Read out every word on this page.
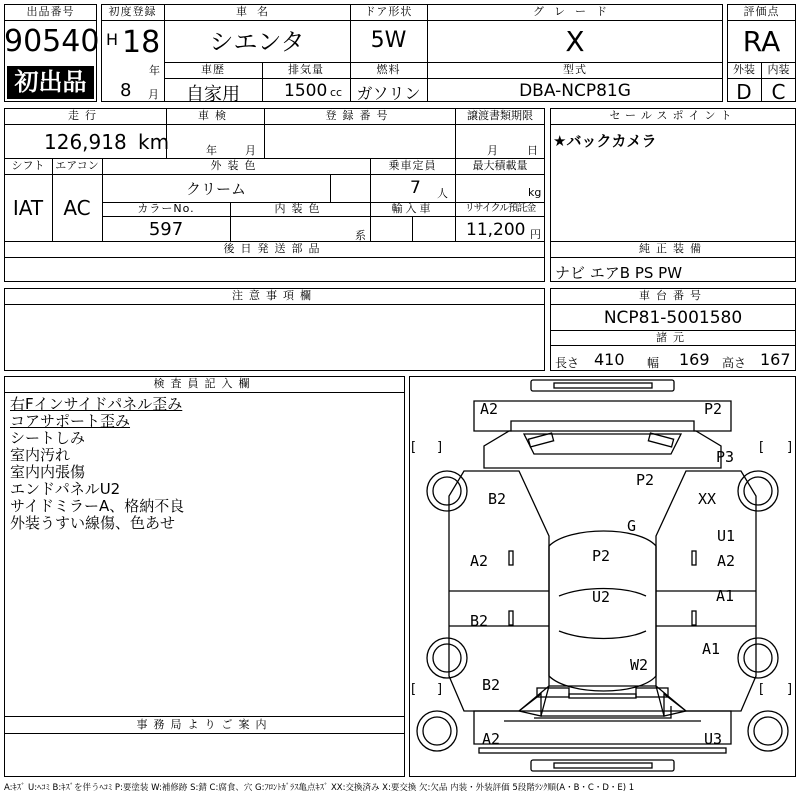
出品番号
90540
初出品
初度登録
H 18
年
8 月
車名
シエンタ
ドア形状
5W
グレード
X
車歴
自家用
排気量
1500 cc
燃料
ガソリン
型式
DBA-NCP81G
評価点
RA
外装	内装
D C
走行
126,918 km
車検
年	月
登録番号	譲渡書類期限
月	日
シフト
IAT
エアコン
AC
外装色
クリーム
乗車定員
7 人
最大積載量
kg
カラーNo.
597
内装色
系
輸入車	リサイクル預託金
11,200 円
セールスポイント
★バックカメラ
後日発送部品	純正装備
ナビ エアB PS PW
注意事項欄	車台番号
NCP81-5001580
諸元
長さ 410 幅 169 高さ 167
検査員記入欄
右Fインサイドパネル歪み
コアサポート歪み
シートしみ
室内汚れ
室内内張傷
エンドパネルU2
サイドミラーA、格納不良
外装うすい線傷、色あせ
事務局よりご案内
[ ]	[ ]
[ ]	[ ]
A2	P2
P3
B2
P2
XX
G
U1
A2
P2
A2
B2
U2	A1
A1
W2
B2
A2	U3
A:ｷｽﾞ U:ﾍｺﾐ B:ｷｽﾞを伴うﾍｺﾐ P:要塗装 W:補修跡 S:錆 C:腐食、穴 G:ﾌﾛﾝﾄｶﾞﾗｽ亀点ｷｽﾞ XX:交換済み X:要交換 欠:欠品 内装・外装評価 5段階ﾗﾝｸ順(A・B・C・D・E) 1
